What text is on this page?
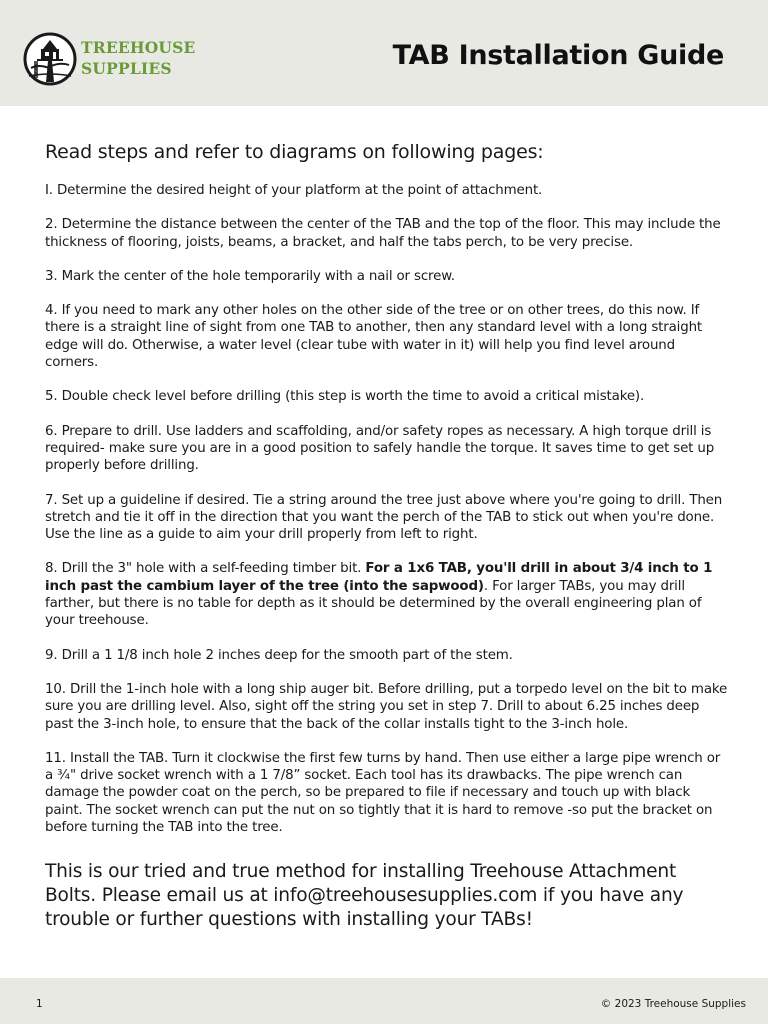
TREEHOUSE
SUPPLIES	TAB Installation Guide

Read steps and refer to diagrams on following pages:

I. Determine the desired height of your platform at the point of attachment.

2. Determine the distance between the center of the TAB and the top of the floor. This may include the thickness of flooring, joists, beams, a bracket, and half the tabs perch, to be very precise.

3. Mark the center of the hole temporarily with a nail or screw.

4. If you need to mark any other holes on the other side of the tree or on other trees, do this now. If there is a straight line of sight from one TAB to another, then any standard level with a long straight edge will do. Otherwise, a water level (clear tube with water in it) will help you find level around corners.

5. Double check level before drilling (this step is worth the time to avoid a critical mistake).

6. Prepare to drill. Use ladders and scaffolding, and/or safety ropes as necessary. A high torque drill is required- make sure you are in a good position to safely handle the torque. It saves time to get set up properly before drilling.

7. Set up a guideline if desired. Tie a string around the tree just above where you're going to drill. Then stretch and tie it off in the direction that you want the perch of the TAB to stick out when you're done. Use the line as a guide to aim your drill properly from left to right.

8. Drill the 3" hole with a self-feeding timber bit. For a 1x6 TAB, you'll drill in about 3/4 inch to 1 inch past the cambium layer of the tree (into the sapwood). For larger TABs, you may drill farther, but there is no table for depth as it should be determined by the overall engineering plan of your treehouse.

9. Drill a 1 1/8 inch hole 2 inches deep for the smooth part of the stem.

10. Drill the 1-inch hole with a long ship auger bit. Before drilling, put a torpedo level on the bit to make sure you are drilling level. Also, sight off the string you set in step 7. Drill to about 6.25 inches deep past the 3-inch hole, to ensure that the back of the collar installs tight to the 3-inch hole.

11. Install the TAB. Turn it clockwise the first few turns by hand. Then use either a large pipe wrench or a ¾" drive socket wrench with a 1 7/8” socket. Each tool has its drawbacks. The pipe wrench can damage the powder coat on the perch, so be prepared to file if necessary and touch up with black paint. The socket wrench can put the nut on so tightly that it is hard to remove -so put the bracket on before turning the TAB into the tree.

This is our tried and true method for installing Treehouse Attachment Bolts. Please email us at info@treehousesupplies.com if you have any trouble or further questions with installing your TABs!

1	© 2023 Treehouse Supplies
